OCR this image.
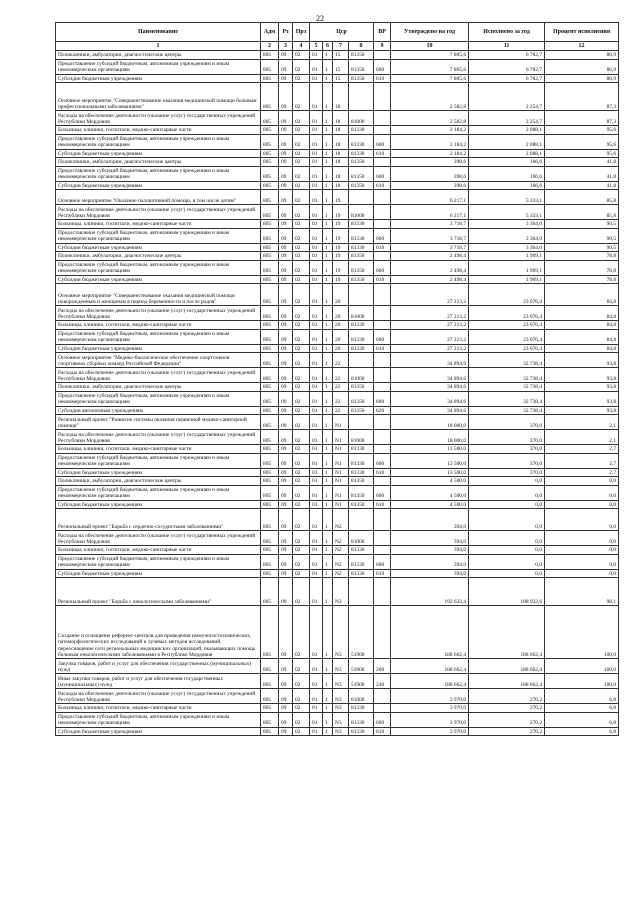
22
Наименование	Адм	Рз	Прз	Цср				ВР	Утверждено на год	Исполнено за год	Процент исполнения
1	2	3	4	5	6	7	8	9	10	11	12
Поликлиники, амбулатории, диагностические центры	805	09	02	01	1	15	81350		7 805,6	6 782,7	86,9
Предоставление субсидий бюджетным, автономным учреждениям и иным некоммерческим организациям	805	09	02	01	1	15	81350	600	7 805,6	6 782,7	86,9
Субсидии бюджетным учреждениям	805	09	02	01	1	15	81350	610	7 805,6	6 782,7	86,9
Основное мероприятие "Совершенствование оказания медицинской помощи больным профессиональными заболеваниями"	805	09	02	01	1	18			2 582,8	2 254,7	87,3
Расходы на обеспечение деятельности (оказание услуг) государственных учреждений Республики Мордовия	805	09	02	01	1	18	81000		2 582,8	2 254,7	87,3
Больницы, клиники, госпитали, медико-санитарные части	805	09	02	01	1	18	81330		2 184,2	2 088,1	95,6
Предоставление субсидий бюджетным, автономным учреждениям и иным некоммерческим организациям	805	09	02	01	1	18	81330	600	2 184,2	2 088,1	95,6
Субсидии бюджетным учреждениям	805	09	02	01	1	18	81330	610	2 184,2	2 088,1	95,6
Поликлиники, амбулатории, диагностические центры	805	09	02	01	1	18	81350		398,6	166,6	41,8
Предоставление субсидий бюджетным, автономным учреждениям и иным некоммерческим организациям	805	09	02	01	1	18	81350	600	398,6	166,6	41,8
Субсидии бюджетным учреждениям	805	09	02	01	1	18	81350	610	398,6	166,6	41,8
Основное мероприятие "Оказание паллиативной помощи, в том числе детям"	805	09	02	01	1	19			6 217,1	5 333,1	85,8
Расходы на обеспечение деятельности (оказание услуг) государственных учреждений Республики Мордовия	805	09	02	01	1	19	81000		6 217,1	5 333,1	85,8
Больницы, клиники, госпитали, медико-санитарные части	805	09	02	01	1	19	81330		3 718,7	3 364,0	90,5
Предоставление субсидий бюджетным, автономным учреждениям и иным некоммерческим организациям	805	09	02	01	1	19	81330	600	3 718,7	3 364,0	90,5
Субсидии бюджетным учреждениям	805	09	02	01	1	19	81330	610	3 718,7	3 364,0	90,5
Поликлиники, амбулатории, диагностические центры	805	09	02	01	1	19	81350		2 498,4	1 969,1	78,8
Предоставление субсидий бюджетным, автономным учреждениям и иным некоммерческим организациям	805	09	02	01	1	19	81350	600	2 498,4	1 969,1	78,8
Субсидии бюджетным учреждениям	805	09	02	01	1	19	81350	610	2 498,4	1 969,1	78,8
Основное мероприятие "Совершенствование оказания медицинской помощи новорожденным и женщинам в период беременности и после родов"	805	09	02	01	1	20			27 213,2	23 076,4	84,8
Расходы на обеспечение деятельности (оказание услуг) государственных учреждений Республики Мордовия	805	09	02	01	1	20	81000		27 213,2	23 076,4	84,8
Больницы, клиники, госпитали, медико-санитарные части	805	09	02	01	1	20	81330		27 213,2	23 076,4	84,8
Предоставление субсидий бюджетным, автономным учреждениям и иным некоммерческим организациям	805	09	02	01	1	20	81330	600	27 213,2	23 076,4	84,8
Субсидии бюджетным учреждениям	805	09	02	01	1	20	81330	610	27 213,2	23 076,4	84,8
Основное мероприятие "Медико-биологическое обеспечение спортсменов спортивных сборных команд Российской Федерации"	805	09	02	01	1	22			34 894,6	32 738,4	93,8
Расходы на обеспечение деятельности (оказание услуг) государственных учреждений Республики Мордовия	805	09	02	01	1	22	81000		34 894,6	32 738,4	93,8
Поликлиники, амбулатории, диагностические центры	805	09	02	01	1	22	81350		34 894,6	32 738,4	93,8
Предоставление субсидий бюджетным, автономным учреждениям и иным некоммерческим организациям	805	09	02	01	1	22	81350	600	34 894,6	32 738,4	93,8
Субсидии автономным учреждениям	805	09	02	01	1	22	81350	620	34 894,6	32 738,4	93,8
Региональный проект "Развитие системы оказания первичной медико-санитарной помощи"	805	09	02	01	1	N1			18 000,0	370,0	2,1
Расходы на обеспечение деятельности (оказание услуг) государственных учреждений Республики Мордовия	805	09	02	01	1	N1	81000		18 000,0	370,0	2,1
Больницы, клиники, госпитали, медико-санитарные части	805	09	02	01	1	N1	81330		13 500,0	370,0	2,7
Предоставление субсидий бюджетным, автономным учреждениям и иным некоммерческим организациям	805	09	02	01	1	N1	81330	600	13 500,0	370,0	2,7
Субсидии бюджетным учреждениям	805	09	02	01	1	N1	81330	610	13 500,0	370,0	2,7
Поликлиники, амбулатории, диагностические центры	805	09	02	01	1	N1	81350		4 500,0	0,0	0,0
Предоставление субсидий бюджетным, автономным учреждениям и иным некоммерческим организациям	805	09	02	01	1	N1	81350	600	4 500,0	0,0	0,0
Субсидии бюджетным учреждениям	805	09	02	01	1	N1	81350	610	4 500,0	0,0	0,0
Региональный проект "Борьба с сердечно-сосудистыми заболеваниями"	805	09	02	01	1	N2			394,0	0,0	0,0
Расходы на обеспечение деятельности (оказание услуг) государственных учреждений Республики Мордовия	805	09	02	01	1	N2	81000		394,0	0,0	0,0
Больницы, клиники, госпитали, медико-санитарные части	805	09	02	01	1	N2	81330		394,0	0,0	0,0
Предоставление субсидий бюджетным, автономным учреждениям и иным некоммерческим организациям	805	09	02	01	1	N2	81330	600	394,0	0,0	0,0
Субсидии бюджетным учреждениям	805	09	02	01	1	N2	81330	610	394,0	0,0	0,0
Региональный проект "Борьба с онкологическими заболеваниями"	805	09	02	01	1	N3			192 632,4	188 932,6	98,1
Создание и оснащение референс-центров для проведения иммуногистохимических, патоморфологических исследований и лучевых методов исследований, переоснащение сети региональных медицинских организаций, оказывающих помощь больным онкологическими заболеваниями в Республике Мордовия	805	09	02	01	1	N3	51900		188 662,4	188 662,4	100,0
Закупка товаров, работ и услуг для обеспечения государственных (муниципальных) нужд	805	09	02	01	1	N3	51900	200	188 662,4	188 662,4	100,0
Иные закупки товаров, работ и услуг для обеспечения государственных (муниципальных) нужд	805	09	02	01	1	N3	51900	240	188 662,4	188 662,4	100,0
Расходы на обеспечение деятельности (оказание услуг) государственных учреждений Республики Мордовия	805	09	02	01	1	N3	81000		3 970,0	270,2	6,8
Больницы, клиники, госпитали, медико-санитарные части	805	09	02	01	1	N3	81330		3 970,0	270,2	6,8
Предоставление субсидий бюджетным, автономным учреждениям и иным некоммерческим организациям	805	09	02	01	1	N3	81330	600	3 970,0	270,2	6,8
Субсидии бюджетным учреждениям	805	09	02	01	1	N3	81330	610	3 970,0	270,2	6,8
